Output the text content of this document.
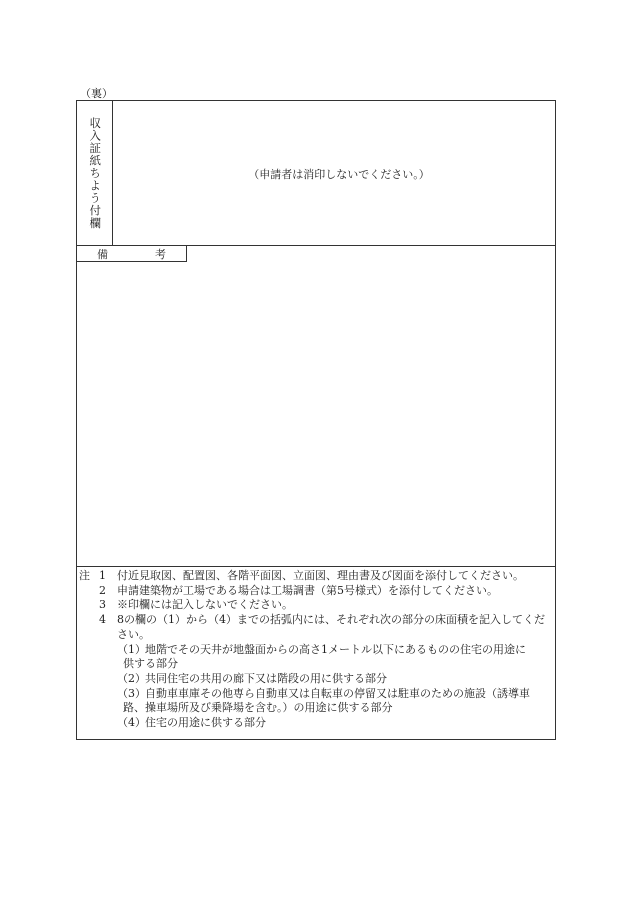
（裏）
収入証紙ちよう付欄	（申請者は消印しないでください。）
備	考
注 1 付近見取図、配置図、各階平面図、立面図、理由書及び図面を添付してください。
2 申請建築物が工場である場合は工場調書（第5号様式）を添付してください。
3 ※印欄には記入しないでください。
4 8の欄の（1）から（4）までの括弧内には、それぞれ次の部分の床面積を記入してくだ
さい。
（1）地階でその天井が地盤面からの高さ1メートル以下にあるものの住宅の用途に
供する部分
（2）共同住宅の共用の廊下又は階段の用に供する部分
（3）自動車車庫その他専ら自動車又は自転車の停留又は駐車のための施設（誘導車
路、操車場所及び乗降場を含む。）の用途に供する部分
（4）住宅の用途に供する部分
